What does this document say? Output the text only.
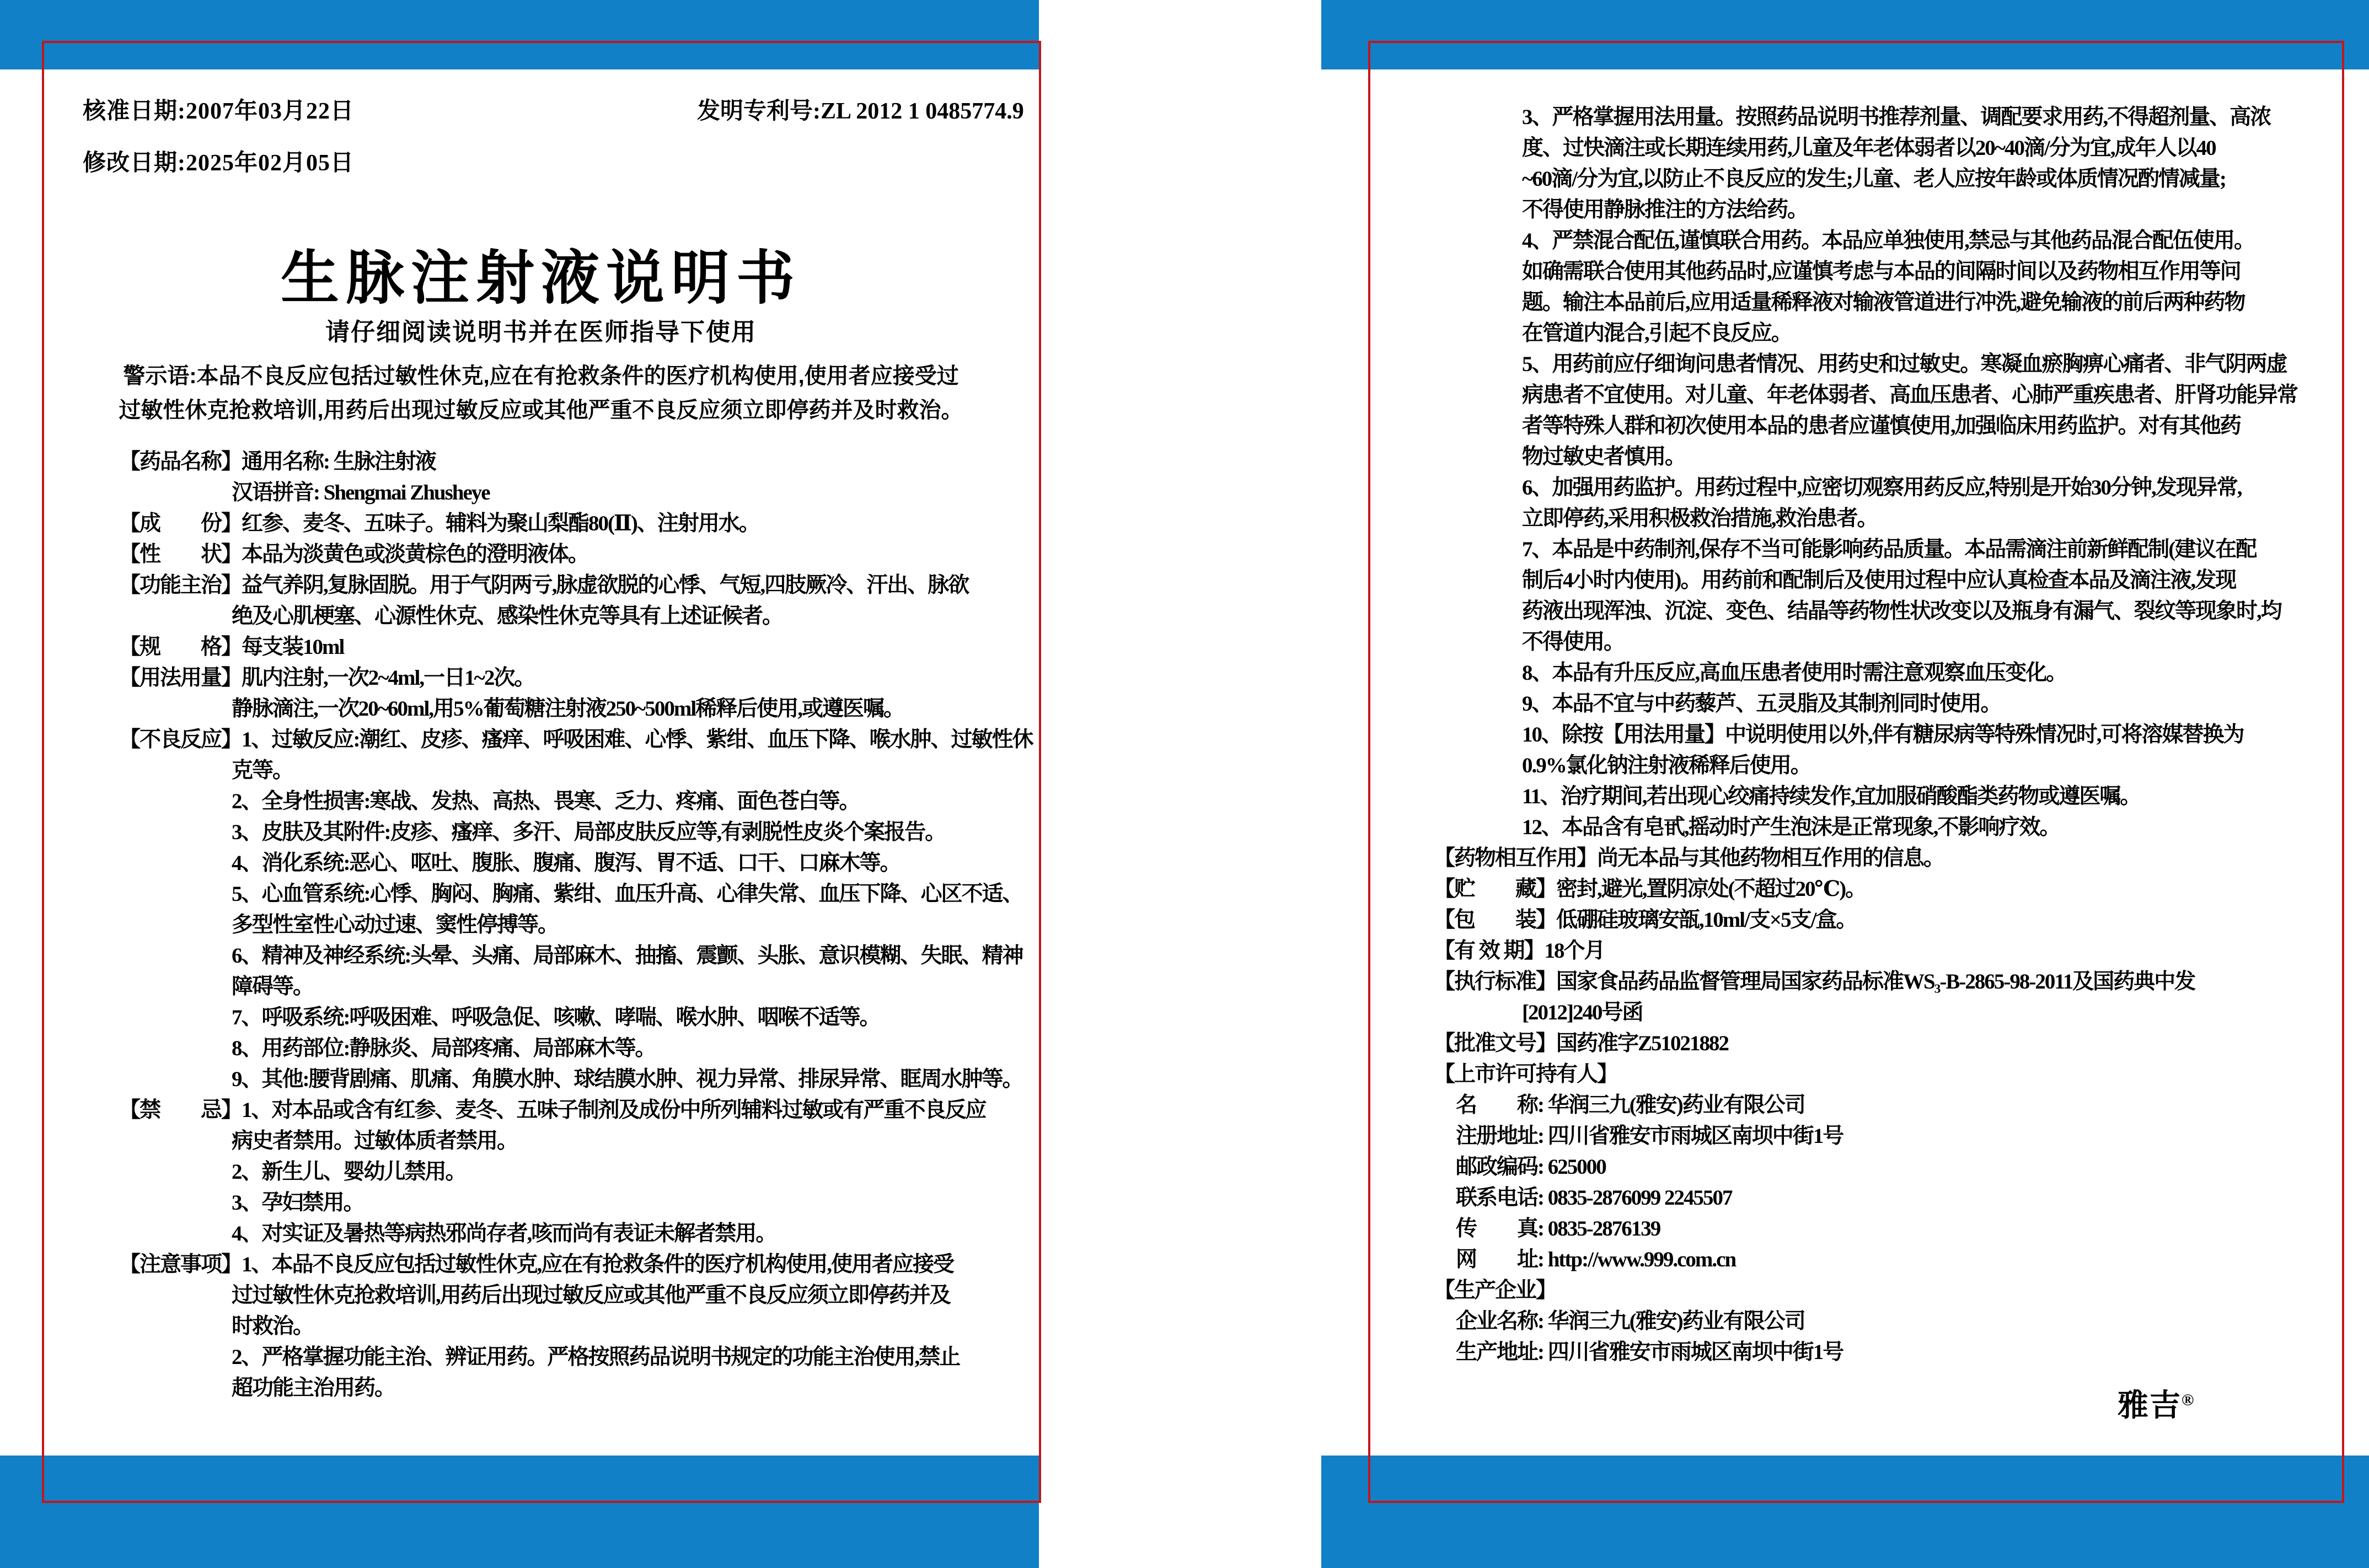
核准日期:2007年03月22日
修改日期:2025年02月05日
发明专利号:ZL 2012 1 0485774.9
生脉注射液说明书
请仔细阅读说明书并在医师指导下使用
警示语:本品不良反应包括过敏性休克,应在有抢救条件的医疗机构使用,使用者应接受过
过敏性休克抢救培训,用药后出现过敏反应或其他严重不良反应须立即停药并及时救治。
【药品名称】通用名称: 生脉注射液
汉语拼音: Shengmai Zhusheye
【成　　份】红参、麦冬、五味子。辅料为聚山梨酯80(Ⅱ)、注射用水。
【性　　状】本品为淡黄色或淡黄棕色的澄明液体。
【功能主治】益气养阴,复脉固脱。用于气阴两亏,脉虚欲脱的心悸、气短,四肢厥冷、汗出、脉欲
绝及心肌梗塞、心源性休克、感染性休克等具有上述证候者。
【规　　格】每支装10ml
【用法用量】肌内注射,一次2~4ml,一日1~2次。
静脉滴注,一次20~60ml,用5%葡萄糖注射液250~500ml稀释后使用,或遵医嘱。
【不良反应】1、过敏反应:潮红、皮疹、瘙痒、呼吸困难、心悸、紫绀、血压下降、喉水肿、过敏性休
克等。
2、全身性损害:寒战、发热、高热、畏寒、乏力、疼痛、面色苍白等。
3、皮肤及其附件:皮疹、瘙痒、多汗、局部皮肤反应等,有剥脱性皮炎个案报告。
4、消化系统:恶心、呕吐、腹胀、腹痛、腹泻、胃不适、口干、口麻木等。
5、心血管系统:心悸、胸闷、胸痛、紫绀、血压升高、心律失常、血压下降、心区不适、
多型性室性心动过速、窦性停搏等。
6、精神及神经系统:头晕、头痛、局部麻木、抽搐、震颤、头胀、意识模糊、失眠、精神
障碍等。
7、呼吸系统:呼吸困难、呼吸急促、咳嗽、哮喘、喉水肿、咽喉不适等。
8、用药部位:静脉炎、局部疼痛、局部麻木等。
9、其他:腰背剧痛、肌痛、角膜水肿、球结膜水肿、视力异常、排尿异常、眶周水肿等。
【禁　　忌】1、对本品或含有红参、麦冬、五味子制剂及成份中所列辅料过敏或有严重不良反应
病史者禁用。过敏体质者禁用。
2、新生儿、婴幼儿禁用。
3、孕妇禁用。
4、对实证及暑热等病热邪尚存者,咳而尚有表证未解者禁用。
【注意事项】1、本品不良反应包括过敏性休克,应在有抢救条件的医疗机构使用,使用者应接受
过过敏性休克抢救培训,用药后出现过敏反应或其他严重不良反应须立即停药并及
时救治。
2、严格掌握功能主治、辨证用药。严格按照药品说明书规定的功能主治使用,禁止
超功能主治用药。
3、严格掌握用法用量。按照药品说明书推荐剂量、调配要求用药,不得超剂量、高浓
度、过快滴注或长期连续用药,儿童及年老体弱者以20~40滴/分为宜,成年人以40
~60滴/分为宜,以防止不良反应的发生;儿童、老人应按年龄或体质情况酌情减量;
不得使用静脉推注的方法给药。
4、严禁混合配伍,谨慎联合用药。本品应单独使用,禁忌与其他药品混合配伍使用。
如确需联合使用其他药品时,应谨慎考虑与本品的间隔时间以及药物相互作用等问
题。输注本品前后,应用适量稀释液对输液管道进行冲洗,避免输液的前后两种药物
在管道内混合,引起不良反应。
5、用药前应仔细询问患者情况、用药史和过敏史。寒凝血瘀胸痹心痛者、非气阴两虚
病患者不宜使用。对儿童、年老体弱者、高血压患者、心肺严重疾患者、肝肾功能异常
者等特殊人群和初次使用本品的患者应谨慎使用,加强临床用药监护。对有其他药
物过敏史者慎用。
6、加强用药监护。用药过程中,应密切观察用药反应,特别是开始30分钟,发现异常,
立即停药,采用积极救治措施,救治患者。
7、本品是中药制剂,保存不当可能影响药品质量。本品需滴注前新鲜配制(建议在配
制后4小时内使用)。用药前和配制后及使用过程中应认真检查本品及滴注液,发现
药液出现浑浊、沉淀、变色、结晶等药物性状改变以及瓶身有漏气、裂纹等现象时,均
不得使用。
8、本品有升压反应,高血压患者使用时需注意观察血压变化。
9、本品不宜与中药藜芦、五灵脂及其制剂同时使用。
10、除按【用法用量】中说明使用以外,伴有糖尿病等特殊情况时,可将溶媒替换为
0.9%氯化钠注射液稀释后使用。
11、治疗期间,若出现心绞痛持续发作,宜加服硝酸酯类药物或遵医嘱。
12、本品含有皂甙,摇动时产生泡沫是正常现象,不影响疗效。
【药物相互作用】尚无本品与其他药物相互作用的信息。
【贮　　藏】密封,避光,置阴凉处(不超过20℃)。
【包　　装】低硼硅玻璃安瓿,10ml/支×5支/盒。
【有 效 期】18个月
【执行标准】国家食品药品监督管理局国家药品标准WS₃-B-2865-98-2011及国药典中发
[2012]240号函
【批准文号】国药准字Z51021882
【上市许可持有人】
名　　称: 华润三九(雅安)药业有限公司
注册地址: 四川省雅安市雨城区南坝中街1号
邮政编码: 625000
联系电话: 0835-2876099 2245507
传　　真: 0835-2876139
网　　址: http://www.999.com.cn
【生产企业】
企业名称: 华润三九(雅安)药业有限公司
生产地址: 四川省雅安市雨城区南坝中街1号
雅吉®
